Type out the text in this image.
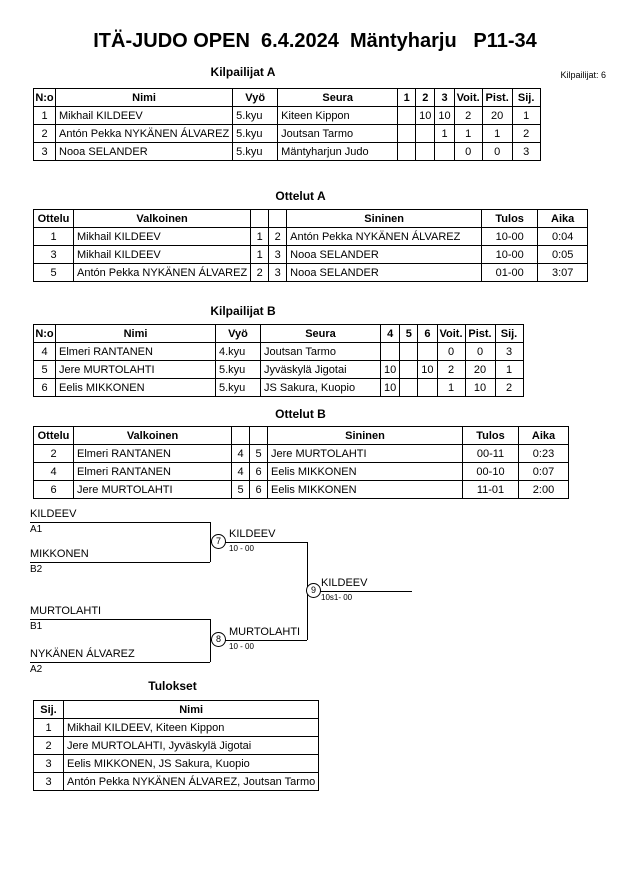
ITÄ-JUDO OPEN  6.4.2024  Mäntyharju   P11-34
Kilpailijat: 6
Kilpailijat A
N:o	Nimi	Vyö	Seura	1	2	3	Voit.	Pist.	Sij.
1	Mikhail KILDEEV	5.kyu	Kiteen Kippon		10	10	2	20	1
2	Antón Pekka NYKÄNEN ÁLVAREZ	5.kyu	Joutsan Tarmo			1	1	1	2
3	Nooa SELANDER	5.kyu	Mäntyharjun Judo				0	0	3
Ottelut A
Ottelu	Valkoinen			Sininen	Tulos	Aika
1	Mikhail KILDEEV	1	2	Antón Pekka NYKÄNEN ÁLVAREZ	10-00	0:04
3	Mikhail KILDEEV	1	3	Nooa SELANDER	10-00	0:05
5	Antón Pekka NYKÄNEN ÁLVAREZ	2	3	Nooa SELANDER	01-00	3:07
Kilpailijat B
N:o	Nimi	Vyö	Seura	4	5	6	Voit.	Pist.	Sij.
4	Elmeri RANTANEN	4.kyu	Joutsan Tarmo				0	0	3
5	Jere MURTOLAHTI	5.kyu	Jyväskylä Jigotai	10		10	2	20	1
6	Eelis MIKKONEN	5.kyu	JS Sakura, Kuopio	10			1	10	2
Ottelut B
Ottelu	Valkoinen			Sininen	Tulos	Aika
2	Elmeri RANTANEN	4	5	Jere MURTOLAHTI	00-11	0:23
4	Elmeri RANTANEN	4	6	Eelis MIKKONEN	00-10	0:07
6	Jere MURTOLAHTI	5	6	Eelis MIKKONEN	11-01	2:00
KILDEEV
A1
MIKKONEN
B2
MURTOLAHTI
B1
NYKÄNEN ÁLVAREZ
A2
7
8
9
KILDEEV
10 - 00
MURTOLAHTI
10 - 00
KILDEEV
10s1- 00
Tulokset
Sij.	Nimi
1	Mikhail KILDEEV, Kiteen Kippon
2	Jere MURTOLAHTI, Jyväskylä Jigotai
3	Eelis MIKKONEN, JS Sakura, Kuopio
3	Antón Pekka NYKÄNEN ÁLVAREZ, Joutsan Tarmo
